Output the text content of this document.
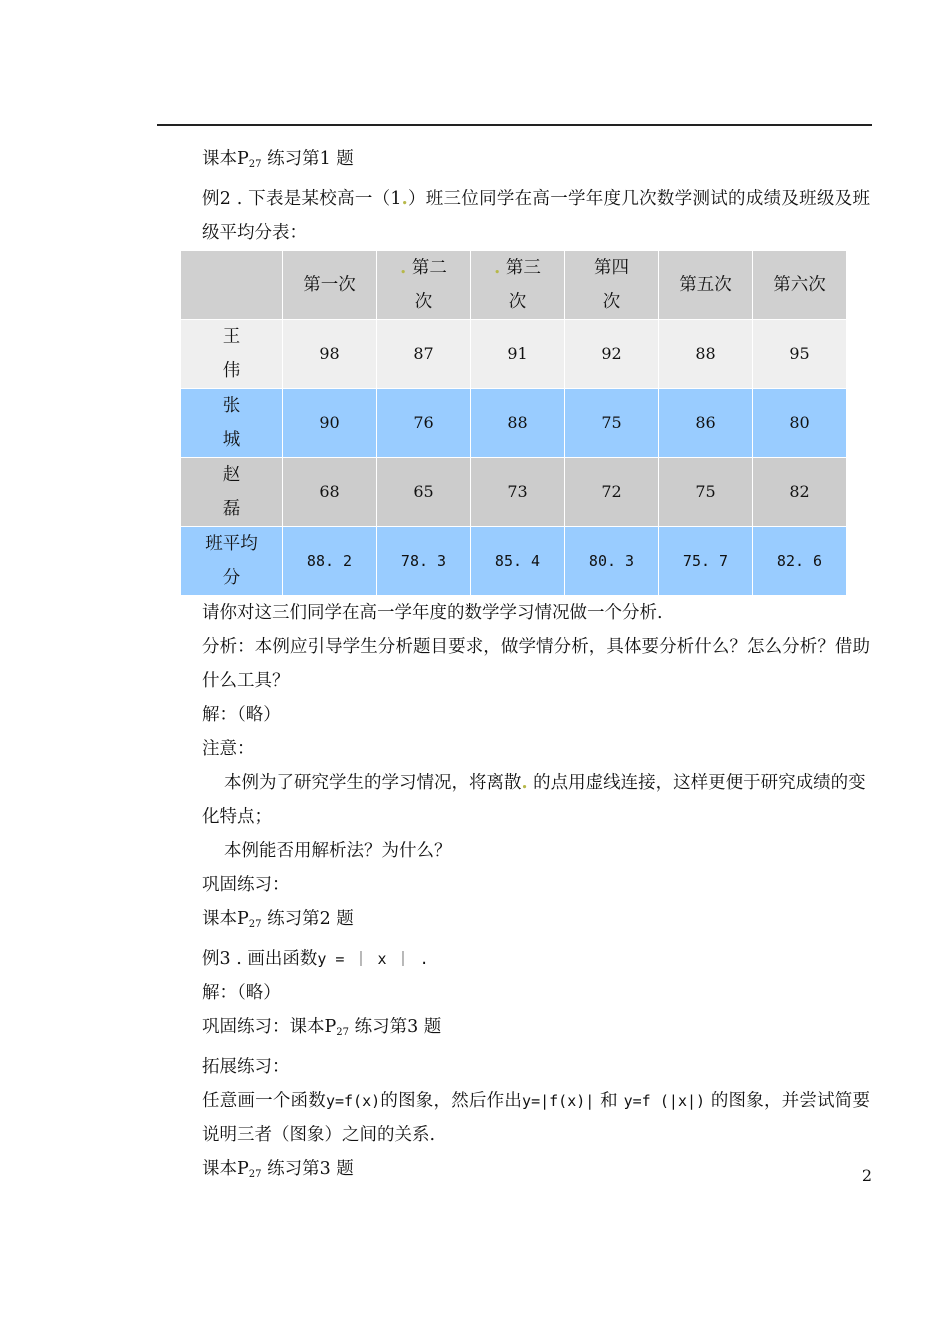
课本$P_{27}$ 练习第1 题

例2 . 下表是某校高一（1.）班三位同学在高一学年度几次数学测试的成绩及班级及班级平均分表：

	第一次	. 第二次	. 第三次	第四次	第五次	第六次
王伟	98	87	91	92	88	95
张城	90	76	88	75	86	80
赵磊	68	65	73	72	75	82
班平均分	88. 2	78. 3	85. 4	80. 3	75. 7	82. 6

请你对这三们同学在高一学年度的数学学习情况做一个分析.

分析：本例应引导学生分析题目要求，做学情分析，具体要分析什么？怎么分析？借助什么工具？

解：（略）

注意：

本例为了研究学生的学习情况，将离散. 的点用虚线连接，这样更便于研究成绩的变化特点；

本例能否用解析法？为什么？

巩固练习：

课本$P_{27}$ 练习第2 题

例3 . 画出函数y = ｜ x ｜ .

解：（略）

巩固练习：课本$P_{27}$ 练习第3 题

拓展练习：

任意画一个函数y=f(x)的图象，然后作出y=|f(x)| 和 y=f (|x|) 的图象，并尝试简要说明三者（图象）之间的关系.

课本$P_{27}$ 练习第3 题	2
